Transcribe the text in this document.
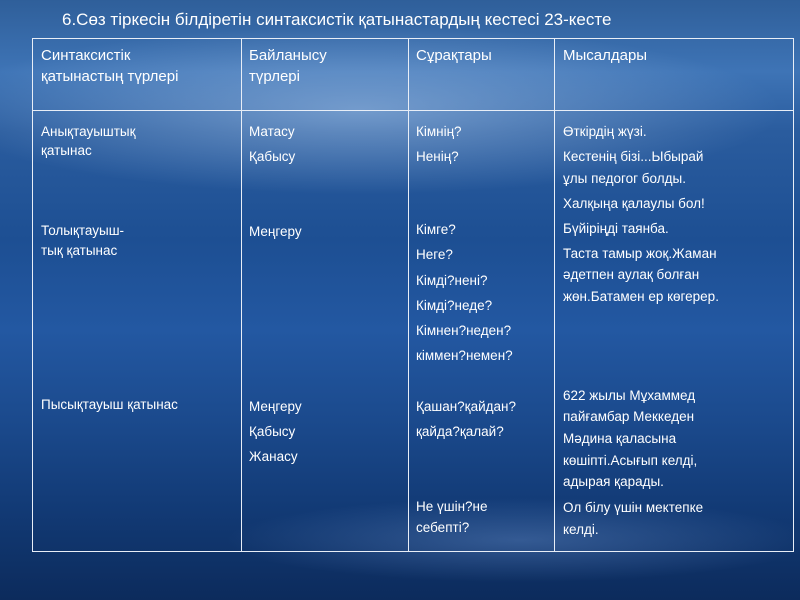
6.Сөз тіркесін білдіретін синтаксистік қатынастардың кестесі 23-кесте
Синтаксистік
қатынастың түрлері
Байланысу
түрлері
Сұрақтары	Мысалдары
Анықтауыштық
қатынас
Толықтауыш-
тық қатынас
Пысықтауыш қатынас
Матасу
Қабысу
Меңгеру
Меңгеру
Қабысу
Жанасу
Кімнің?
Ненің?
Кімге?
Неге?
Кімді?нені?
Кімді?неде?
Кімнен?неден?
кіммен?немен?
Қашан?қайдан?
қайда?қалай?
Не үшін?не
себепті?
Өткірдің жүзі.
Кестенің бізі...Ыбырай
ұлы педогог болды.
Халқыңа қалаулы бол!
Бүйіріңді таянба.
Таста тамыр жоқ.Жаман
әдетпен аулақ болған
жөн.Батамен ер көгерер.
622 жылы Мұхаммед
пайғамбар Меккеден
Мәдина қаласына
көшіпті.Асығып келді,
адырая қарады.
Ол білу үшін мектепке
келді.
